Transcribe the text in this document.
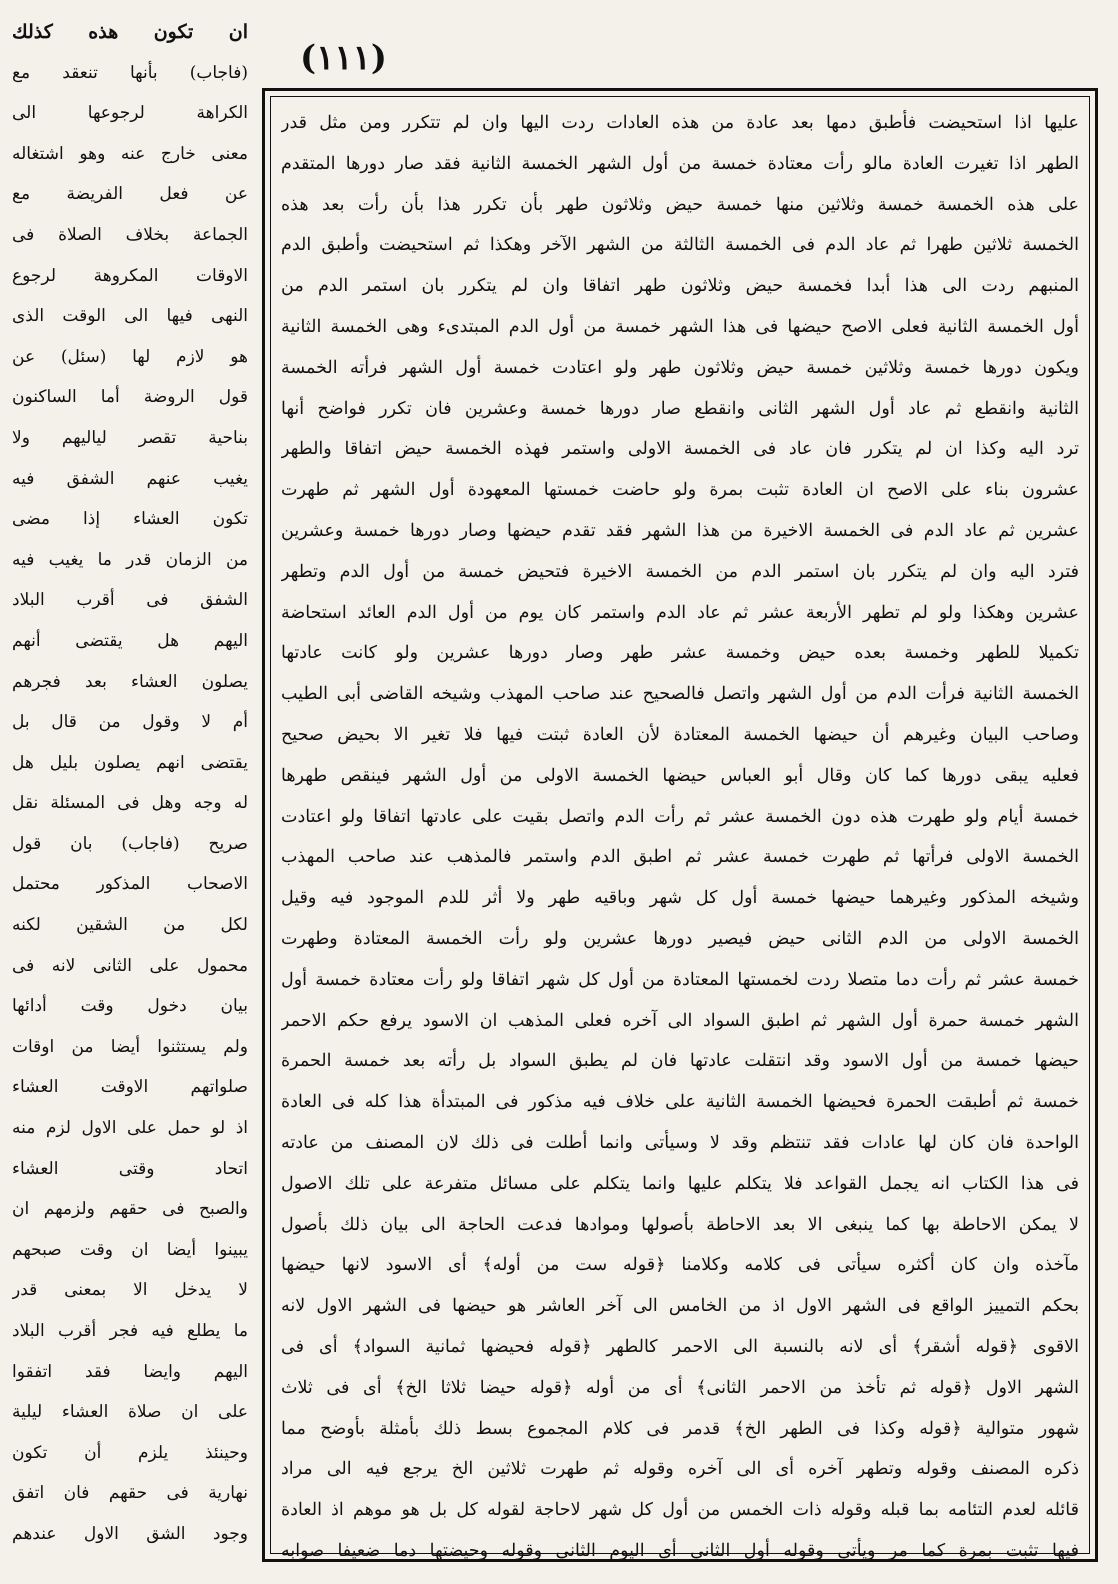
(١١١)
ان تكون هذه كذلك
(فاجاب) بأنها تنعقد مع
الكراهة لرجوعها الى
معنى خارج عنه وهو اشتغاله
عن فعل الفريضة مع
الجماعة بخلاف الصلاة فى
الاوقات المكروهة لرجوع
النهى فيها الى الوقت الذى
هو لازم لها (سئل) عن
قول الروضة أما الساكنون
بناحية تقصر لياليهم ولا
يغيب عنهم الشفق فيه
تكون العشاء إذا مضى
من الزمان قدر ما يغيب فيه
الشفق فى أقرب البلاد
اليهم هل يقتضى أنهم
يصلون العشاء بعد فجرهم
أم لا وقول من قال بل
يقتضى انهم يصلون بليل هل
له وجه وهل فى المسئلة نقل
صريح (فاجاب) بان قول
الاصحاب المذكور محتمل
لكل من الشقين لكنه
محمول على الثانى لانه فى
بيان دخول وقت أدائها
ولم يستثنوا أيضا من اوقات
صلواتهم الاوقت العشاء
اذ لو حمل على الاول لزم منه
اتحاد وقتى العشاء
والصبح فى حقهم ولزمهم ان
يبينوا أيضا ان وقت صبحهم
لا يدخل الا بمعنى قدر
ما يطلع فيه فجر أقرب البلاد
اليهم وايضا فقد اتفقوا
على ان صلاة العشاء ليلية
وحينئذ يلزم أن تكون
نهارية فى حقهم فان اتفق
وجود الشق الاول عندهم
عليها اذا استحيضت فأطبق دمها بعد عادة من هذه العادات ردت اليها وان لم تتكرر ومن مثل قدر
الطهر اذا تغيرت العادة مالو رأت معتادة خمسة من أول الشهر الخمسة الثانية فقد صار دورها المتقدم
على هذه الخمسة خمسة وثلاثين منها خمسة حيض وثلاثون طهر بأن تكرر هذا بأن رأت بعد هذه
الخمسة ثلاثين طهرا ثم عاد الدم فى الخمسة الثالثة من الشهر الآخر وهكذا ثم استحيضت وأطبق الدم
المنبهم ردت الى هذا أبدا فخمسة حيض وثلاثون طهر اتفاقا وان لم يتكرر بان استمر الدم من
أول الخمسة الثانية فعلى الاصح حيضها فى هذا الشهر خمسة من أول الدم المبتدىء وهى الخمسة الثانية
ويكون دورها خمسة وثلاثين خمسة حيض وثلاثون طهر ولو اعتادت خمسة أول الشهر فرأته الخمسة
الثانية وانقطع ثم عاد أول الشهر الثانى وانقطع صار دورها خمسة وعشرين فان تكرر فواضح أنها
ترد اليه وكذا ان لم يتكرر فان عاد فى الخمسة الاولى واستمر فهذه الخمسة حيض اتفاقا والطهر
عشرون بناء على الاصح ان العادة تثبت بمرة ولو حاضت خمستها المعهودة أول الشهر ثم طهرت
عشرين ثم عاد الدم فى الخمسة الاخيرة من هذا الشهر فقد تقدم حيضها وصار دورها خمسة وعشرين
فترد اليه وان لم يتكرر بان استمر الدم من الخمسة الاخيرة فتحيض خمسة من أول الدم وتطهر
عشرين وهكذا ولو لم تطهر الأربعة عشر ثم عاد الدم واستمر كان يوم من أول الدم العائد استحاضة
تكميلا للطهر وخمسة بعده حيض وخمسة عشر طهر وصار دورها عشرين ولو كانت عادتها
الخمسة الثانية فرأت الدم من أول الشهر واتصل فالصحيح عند صاحب المهذب وشيخه القاضى أبى الطيب
وصاحب البيان وغيرهم أن حيضها الخمسة المعتادة لأن العادة ثبتت فيها فلا تغير الا بحيض صحيح
فعليه يبقى دورها كما كان وقال أبو العباس حيضها الخمسة الاولى من أول الشهر فينقص طهرها
خمسة أيام ولو طهرت هذه دون الخمسة عشر ثم رأت الدم واتصل بقيت على عادتها اتفاقا ولو اعتادت
الخمسة الاولى فرأتها ثم طهرت خمسة عشر ثم اطبق الدم واستمر فالمذهب عند صاحب المهذب
وشيخه المذكور وغيرهما حيضها خمسة أول كل شهر وباقيه طهر ولا أثر للدم الموجود فيه وقيل
الخمسة الاولى من الدم الثانى حيض فيصير دورها عشرين ولو رأت الخمسة المعتادة وطهرت
خمسة عشر ثم رأت دما متصلا ردت لخمستها المعتادة من أول كل شهر اتفاقا ولو رأت معتادة خمسة أول
الشهر خمسة حمرة أول الشهر ثم اطبق السواد الى آخره فعلى المذهب ان الاسود يرفع حكم الاحمر
حيضها خمسة من أول الاسود وقد انتقلت عادتها فان لم يطبق السواد بل رأته بعد خمسة الحمرة
خمسة ثم أطبقت الحمرة فحيضها الخمسة الثانية على خلاف فيه مذكور فى المبتدأة هذا كله فى العادة
الواحدة فان كان لها عادات فقد تنتظم وقد لا وسيأتى وانما أطلت فى ذلك لان المصنف من عادته
فى هذا الكتاب انه يجمل القواعد فلا يتكلم عليها وانما يتكلم على مسائل متفرعة على تلك الاصول
لا يمكن الاحاطة بها كما ينبغى الا بعد الاحاطة بأصولها وموادها فدعت الحاجة الى بيان ذلك بأصول
مآخذه وان كان أكثره سيأتى فى كلامه وكلامنا ﴿قوله ست من أوله﴾ أى الاسود لانها حيضها
بحكم التمييز الواقع فى الشهر الاول اذ من الخامس الى آخر العاشر هو حيضها فى الشهر الاول لانه
الاقوى ﴿قوله أشقر﴾ أى لانه بالنسبة الى الاحمر كالطهر ﴿قوله فحيضها ثمانية السواد﴾ أى فى
الشهر الاول ﴿قوله ثم تأخذ من الاحمر الثانى﴾ أى من أوله ﴿قوله حيضا ثلاثا الخ﴾ أى فى ثلاث
شهور متوالية ﴿قوله وكذا فى الطهر الخ﴾ قدمر فى كلام المجموع بسط ذلك بأمثلة بأوضح مما
ذكره المصنف وقوله وتطهر آخره أى الى آخره وقوله ثم طهرت ثلاثين الخ يرجع فيه الى مراد
قائله لعدم التئامه بما قبله وقوله ذات الخمس من أول كل شهر لاحاجة لقوله كل بل هو موهم اذ العادة
فيها تثبت بمرة كما مر ويأتى وقوله أول الثانى أى اليوم الثانى وقوله وحيضتها دما ضعيفا صوابه
